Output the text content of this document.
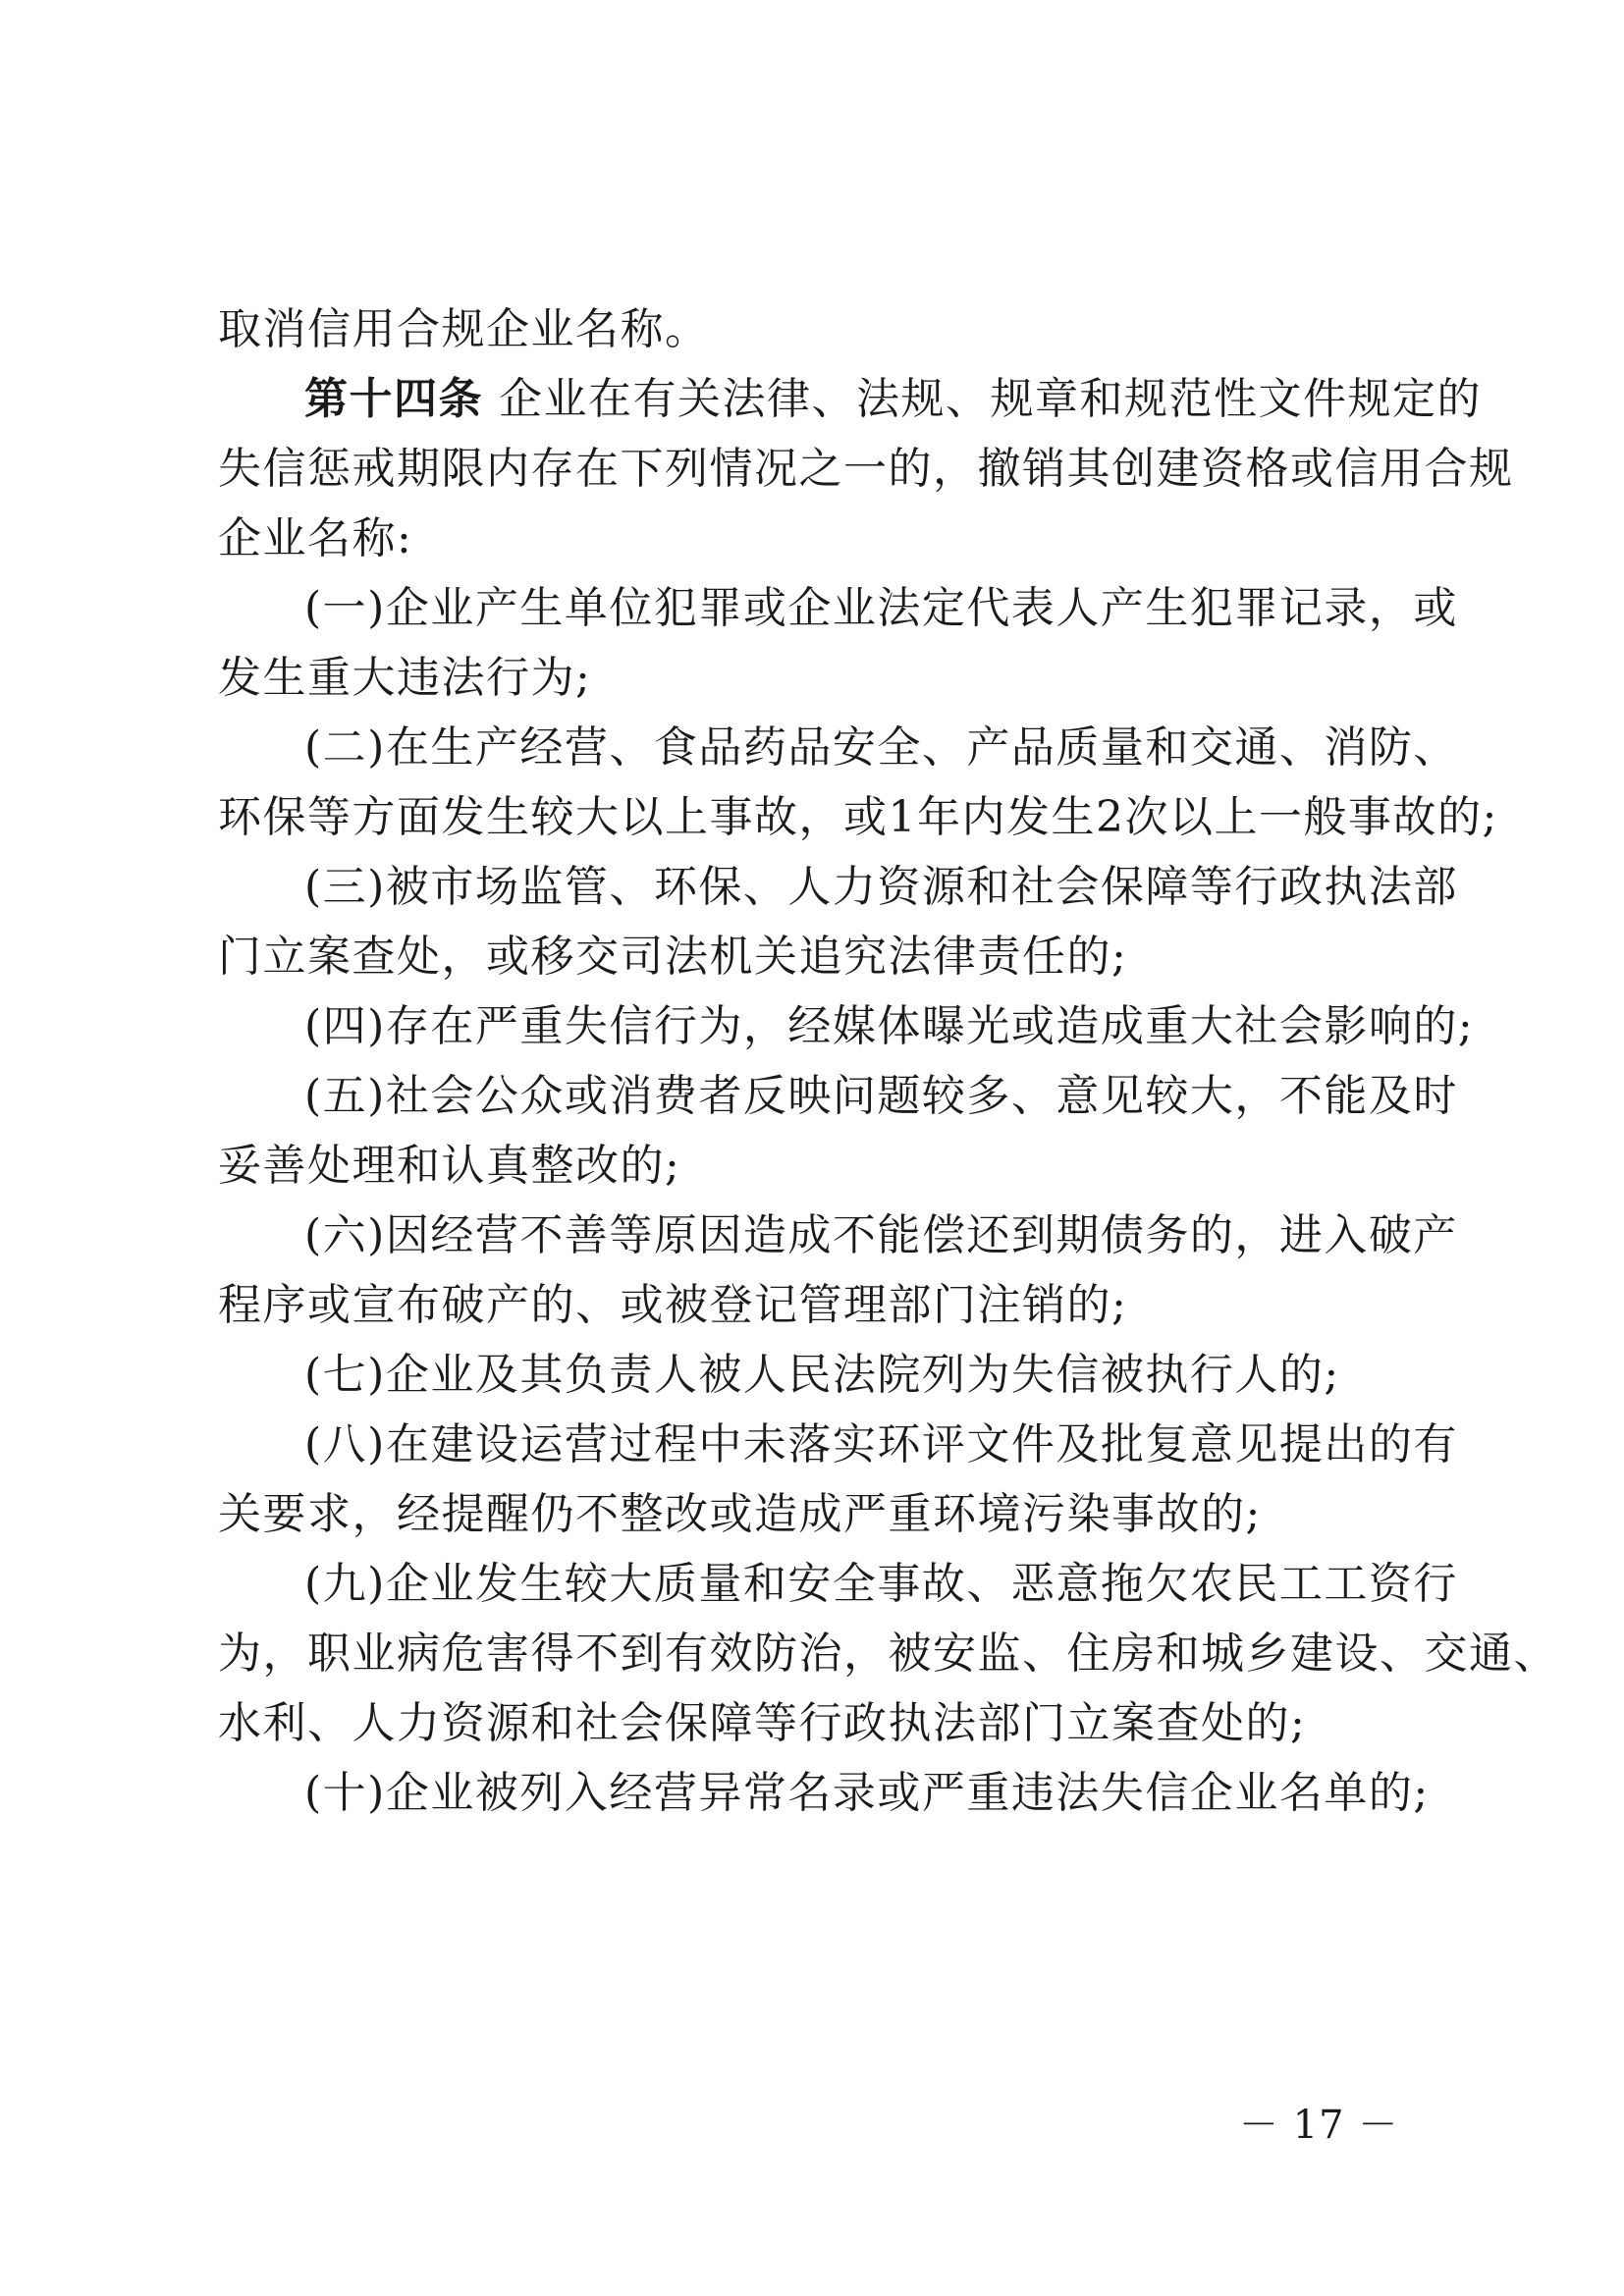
取消信用合规企业名称。
第十四条 企业在有关法律、法规、规章和规范性文件规定的
失信惩戒期限内存在下列情况之一的，撤销其创建资格或信用合规
企业名称:
(一)企业产生单位犯罪或企业法定代表人产生犯罪记录，或
发生重大违法行为;
(二)在生产经营、食品药品安全、产品质量和交通、消防、
环保等方面发生较大以上事故，或1年内发生2次以上一般事故的;
(三)被市场监管、环保、人力资源和社会保障等行政执法部
门立案查处，或移交司法机关追究法律责任的;
(四)存在严重失信行为，经媒体曝光或造成重大社会影响的;
(五)社会公众或消费者反映问题较多、意见较大，不能及时
妥善处理和认真整改的;
(六)因经营不善等原因造成不能偿还到期债务的，进入破产
程序或宣布破产的、或被登记管理部门注销的;
(七)企业及其负责人被人民法院列为失信被执行人的;
(八)在建设运营过程中未落实环评文件及批复意见提出的有
关要求，经提醒仍不整改或造成严重环境污染事故的;
(九)企业发生较大质量和安全事故、恶意拖欠农民工工资行
为，职业病危害得不到有效防治，被安监、住房和城乡建设、交通、
水利、人力资源和社会保障等行政执法部门立案查处的;
(十)企业被列入经营异常名录或严重违法失信企业名单的;
－ 17 －
